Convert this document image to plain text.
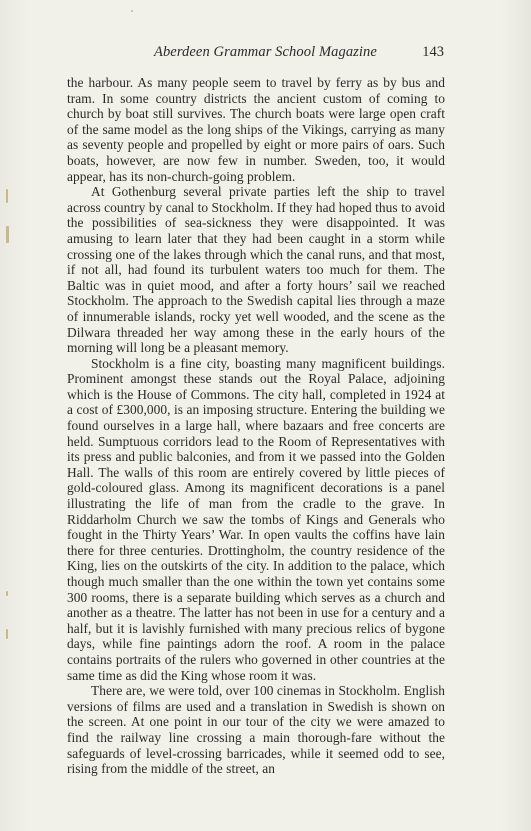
Aberdeen Grammar School Magazine	143

the harbour. As many people seem to travel by ferry as by bus and tram. In some country districts the ancient custom of coming to church by boat still survives. The church boats were large open craft of the same model as the long ships of the Vikings, carrying as many as seventy people and propelled by eight or more pairs of oars. Such boats, however, are now few in number. Sweden, too, it would appear, has its non-church-going problem.

At Gothenburg several private parties left the ship to travel across country by canal to Stockholm. If they had hoped thus to avoid the possibilities of sea-sickness they were disappointed. It was amusing to learn later that they had been caught in a storm while crossing one of the lakes through which the canal runs, and that most, if not all, had found its turbulent waters too much for them. The Baltic was in quiet mood, and after a forty hours’ sail we reached Stockholm. The approach to the Swedish capital lies through a maze of innumerable islands, rocky yet well wooded, and the scene as the Dilwara threaded her way among these in the early hours of the morning will long be a pleasant memory.

Stockholm is a fine city, boasting many magnificent buildings. Prominent amongst these stands out the Royal Palace, adjoining which is the House of Commons. The city hall, completed in 1924 at a cost of £300,000, is an imposing structure. Entering the building we found ourselves in a large hall, where bazaars and free concerts are held. Sumptuous corridors lead to the Room of Representatives with its press and public balconies, and from it we passed into the Golden Hall. The walls of this room are entirely covered by little pieces of gold-coloured glass. Among its magnificent decorations is a panel illustrating the life of man from the cradle to the grave. In Riddarholm Church we saw the tombs of Kings and Generals who fought in the Thirty Years’ War. In open vaults the coffins have lain there for three centuries. Drottingholm, the country residence of the King, lies on the outskirts of the city. In addition to the palace, which though much smaller than the one within the town yet contains some 300 rooms, there is a separate building which serves as a church and another as a theatre. The latter has not been in use for a century and a half, but it is lavishly furnished with many precious relics of bygone days, while fine paintings adorn the roof. A room in the palace contains portraits of the rulers who governed in other countries at the same time as did the King whose room it was.

There are, we were told, over 100 cinemas in Stockholm. English versions of films are used and a translation in Swedish is shown on the screen. At one point in our tour of the city we were amazed to find the railway line crossing a main thorough-fare without the safeguards of level-crossing barricades, while it seemed odd to see, rising from the middle of the street, an
